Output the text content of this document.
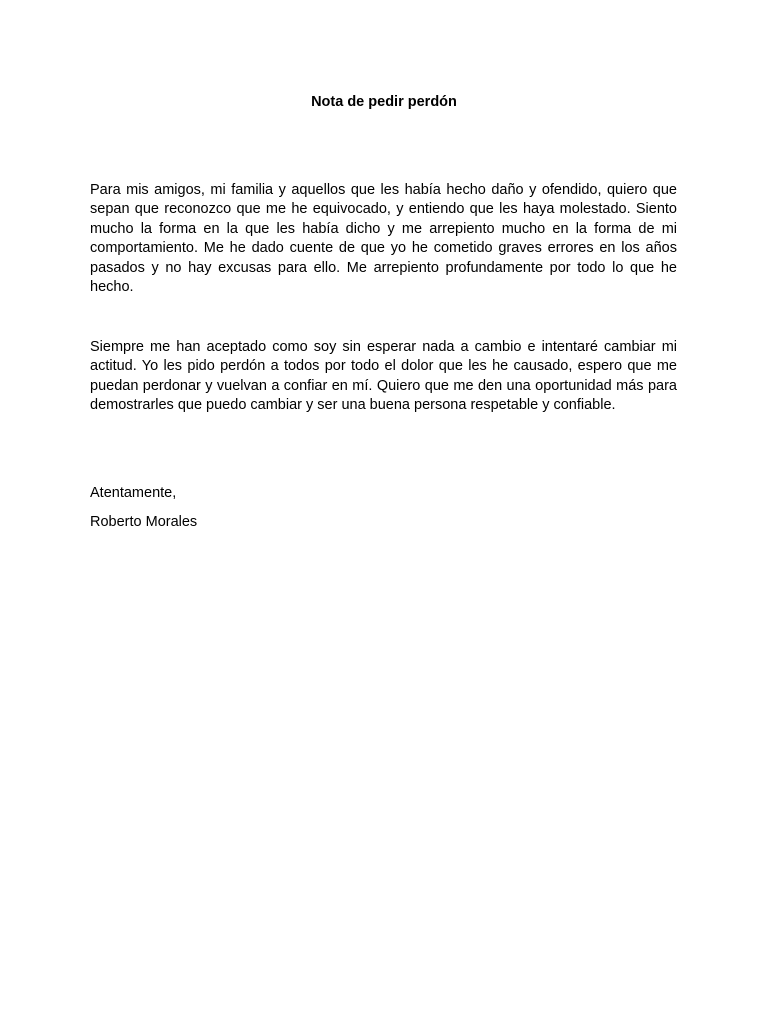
Nota de pedir perdón

Para mis amigos, mi familia y aquellos que les había hecho daño y ofendido, quiero que sepan que reconozco que me he equivocado, y entiendo que les haya molestado. Siento mucho la forma en la que les había dicho y me arrepiento mucho en la forma de mi comportamiento. Me he dado cuente de que yo he cometido graves errores en los años pasados y no hay excusas para ello. Me arrepiento profundamente por todo lo que he hecho.

Siempre me han aceptado como soy sin esperar nada a cambio e intentaré cambiar mi actitud. Yo les pido perdón a todos por todo el dolor que les he causado, espero que me puedan perdonar y vuelvan a confiar en mí. Quiero que me den una oportunidad más para demostrarles que puedo cambiar y ser una buena persona respetable y confiable.

Atentamente,

Roberto Morales
